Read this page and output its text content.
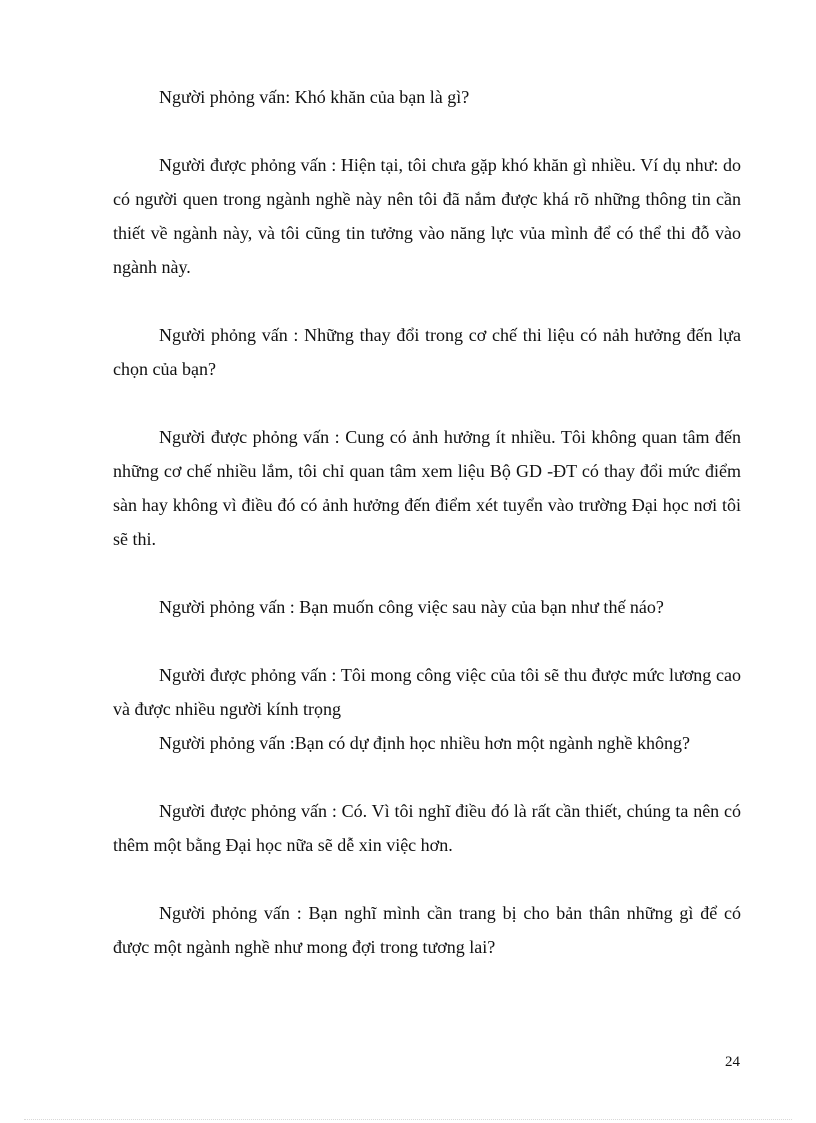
Người phỏng vấn: Khó khăn của bạn là gì?

Người được phỏng vấn : Hiện tại, tôi chưa gặp khó khăn gì nhiều. Ví dụ như: do có người quen trong ngành nghề này nên tôi đã nắm được khá rõ những thông tin cần thiết về ngành này, và tôi cũng tin tưởng vào năng lực vủa mình để có thể thi đỗ vào ngành này.

Người phỏng vấn : Những thay đổi trong cơ chế thi liệu có nảh hưởng đến lựa chọn của bạn?

Người được phỏng vấn : Cung có ảnh hưởng ít nhiều. Tôi không quan tâm đến những cơ chế nhiều lắm, tôi chỉ quan tâm xem liệu Bộ GD -ĐT có thay đổi mức điểm sàn hay không vì điều đó có ảnh hưởng đến điểm xét tuyển vào trường Đại học nơi tôi sẽ thi.

Người phỏng vấn : Bạn muốn công việc sau này của bạn như thế náo?

Người được phỏng vấn : Tôi mong công việc của tôi sẽ thu được mức lương cao và được nhiều người kính trọng

Người phỏng vấn :Bạn có dự định học nhiều hơn một ngành nghề không?

Người được phỏng vấn : Có. Vì tôi nghĩ điều đó là rất cần thiết, chúng ta nên có thêm một bằng Đại học nữa sẽ dễ xin việc hơn.

Người phỏng vấn : Bạn nghĩ mình cần trang bị cho bản thân những gì để có được một ngành nghề như mong đợi trong tương lai?

24
